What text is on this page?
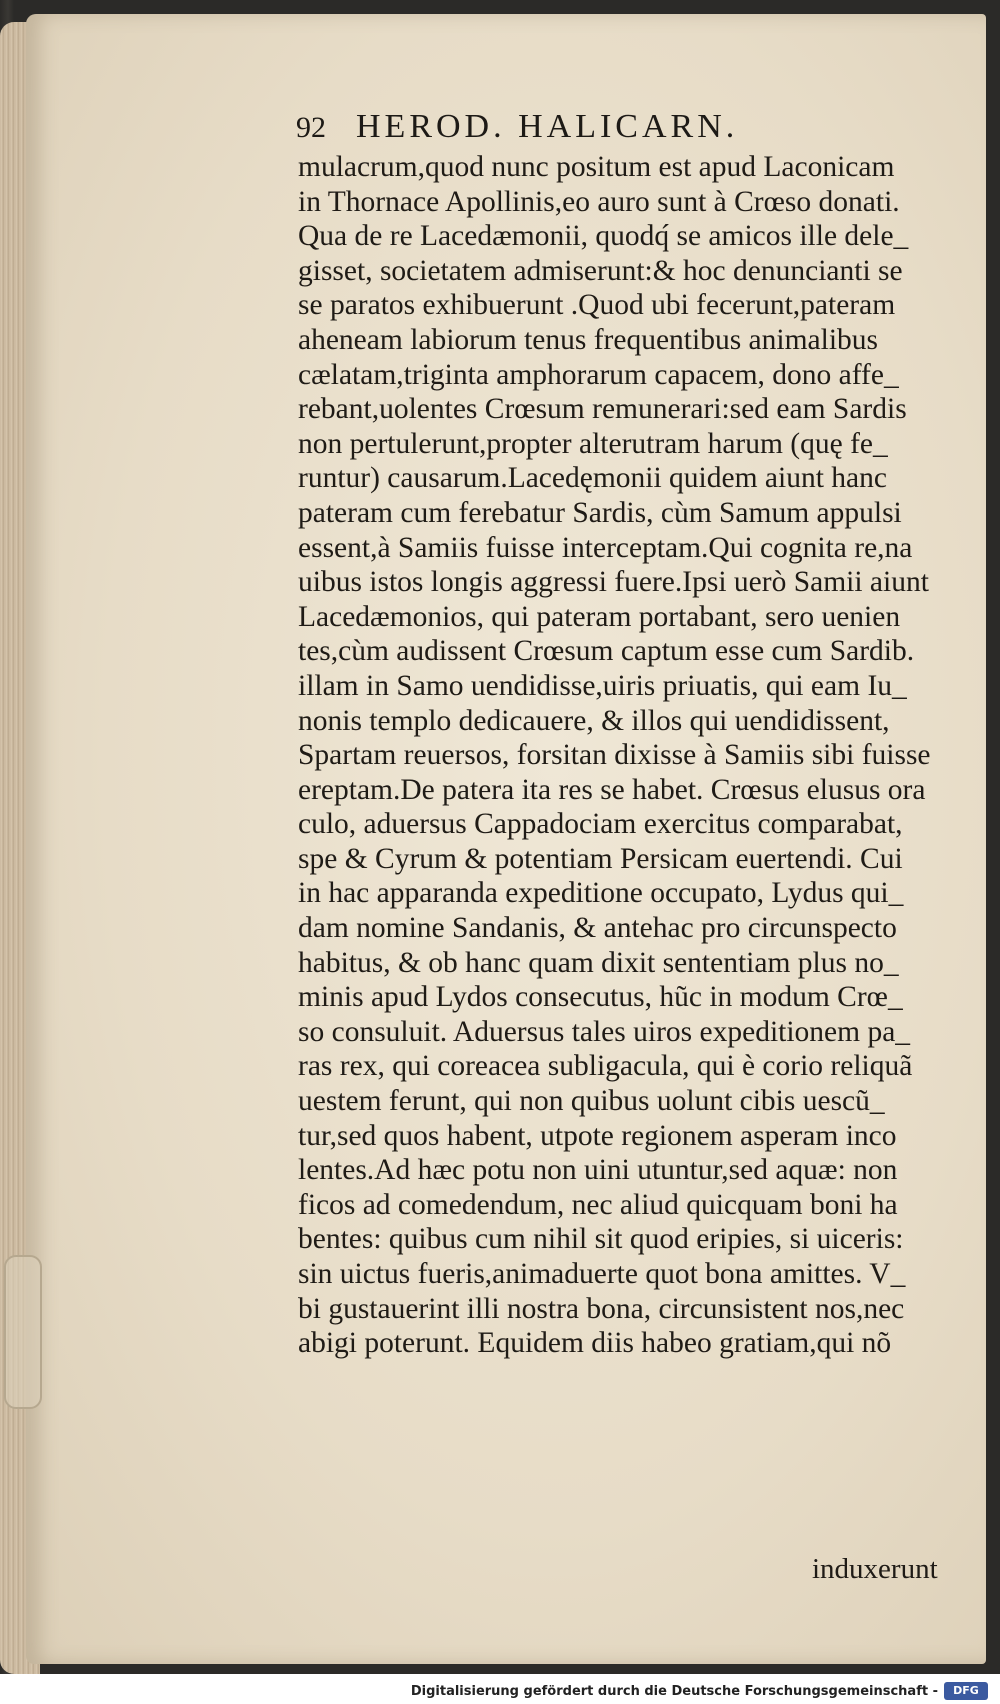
92 HEROD. HALICARN.
mulacrum,quod nunc positum est apud Laconicam
in Thornace Apollinis,eo auro sunt à Crœso donati.
Qua de re Lacedæmonii, quodq́ se amicos ille dele_
gisset, societatem admiserunt:& hoc denuncianti se
se paratos exhibuerunt .Quod ubi fecerunt,pateram
aheneam labiorum tenus frequentibus animalibus
cælatam,triginta amphorarum capacem, dono affe_
rebant,uolentes Crœsum remunerari:sed eam Sardis
non pertulerunt,propter alterutram harum (quę fe_
runtur) causarum.Lacedęmonii quidem aiunt hanc
pateram cum ferebatur Sardis, cùm Samum appulsi
essent,à Samiis fuisse interceptam.Qui cognita re,na
uibus istos longis aggressi fuere.Ipsi uerò Samii aiunt
Lacedæmonios, qui pateram portabant, sero uenien
tes,cùm audissent Crœsum captum esse cum Sardib.
illam in Samo uendidisse,uiris priuatis, qui eam Iu_
nonis templo dedicauere, & illos qui uendidissent,
Spartam reuersos, forsitan dixisse à Samiis sibi fuisse
ereptam.De patera ita res se habet. Crœsus elusus ora
culo, aduersus Cappadociam exercitus comparabat,
spe & Cyrum & potentiam Persicam euertendi. Cui
in hac apparanda expeditione occupato, Lydus qui_
dam nomine Sandanis, & antehac pro circunspecto
habitus, & ob hanc quam dixit sententiam plus no_
minis apud Lydos consecutus, hũc in modum Crœ_
so consuluit. Aduersus tales uiros expeditionem pa_
ras rex, qui coreacea subligacula, qui è corio reliquã
uestem ferunt, qui non quibus uolunt cibis uescũ_
tur,sed quos habent, utpote regionem asperam inco
lentes.Ad hæc potu non uini utuntur,sed aquæ: non
ficos ad comedendum, nec aliud quicquam boni ha
bentes: quibus cum nihil sit quod eripies, si uiceris:
sin uictus fueris,animaduerte quot bona amittes. V_
bi gustauerint illi nostra bona, circunsistent nos,nec
abigi poterunt. Equidem diis habeo gratiam,qui nõ
induxerunt
Digitalisierung gefördert durch die Deutsche Forschungsgemeinschaft -	DFG
